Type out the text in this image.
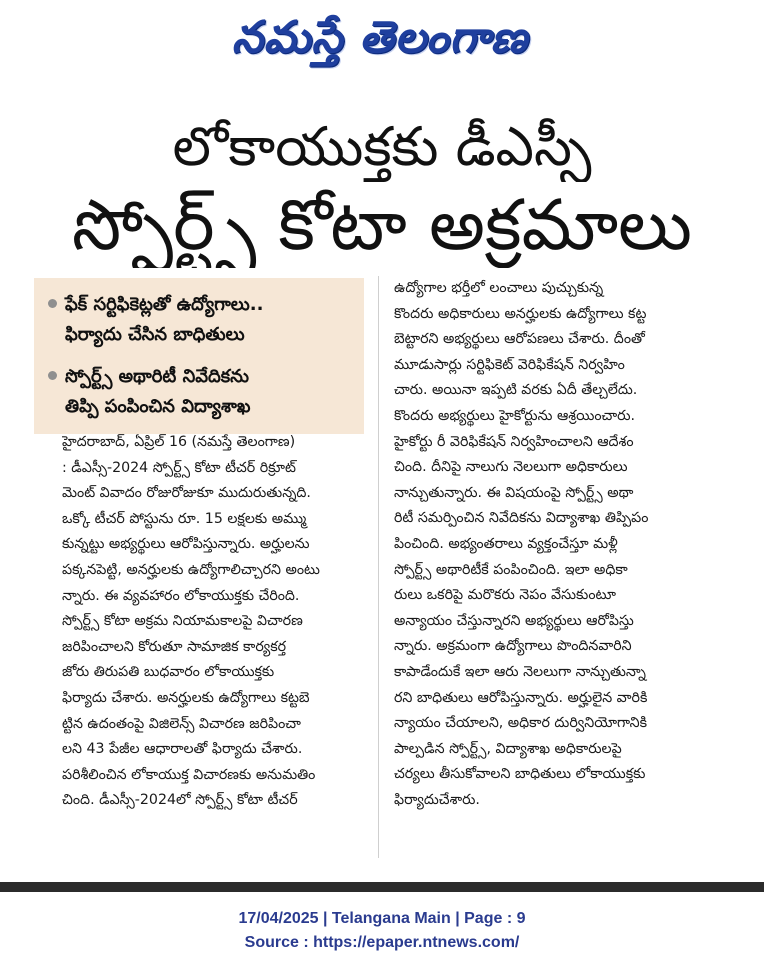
నమస్తే తెలంగాణ
లోకాయుక్తకు డీఎస్సీ
స్పోర్ట్స్ కోటా అక్రమాలు
ఫేక్ సర్టిఫికెట్లతో ఉద్యోగాలు..
ఫిర్యాదు చేసిన బాధితులు
స్పోర్ట్స్ అథారిటీ నివేదికను
తిప్పి పంపించిన విద్యాశాఖ
హైదరాబాద్, ఏప్రిల్ 16 (నమస్తే తెలంగాణ)
: డీఎస్సీ-2024 స్పోర్ట్స్ కోటా టీచర్ రిక్రూట్
మెంట్ వివాదం రోజురోజుకూ ముదురుతున్నది.
ఒక్కో టీచర్ పోస్టును రూ. 15 లక్షలకు అమ్ము
కున్నట్టు అభ్యర్థులు ఆరోపిస్తున్నారు. అర్హులను
పక్కనపెట్టి, అనర్హులకు ఉద్యోగాలిచ్చారని అంటు
న్నారు. ఈ వ్యవహారం లోకాయుక్తకు చేరింది.
స్పోర్ట్స్ కోటా అక్రమ నియామకాలపై విచారణ
జరిపించాలని కోరుతూ సామాజిక కార్యకర్త
జోరు తిరుపతి బుధవారం లోకాయుక్తకు
ఫిర్యాదు చేశారు. అనర్హులకు ఉద్యోగాలు కట్టబె
ట్టిన ఉదంతంపై విజిలెన్స్ విచారణ జరిపించా
లని 43 పేజీల ఆధారాలతో ఫిర్యాదు చేశారు.
పరిశీలించిన లోకాయుక్త విచారణకు అనుమతిం
చింది. డీఎస్సీ-2024లో స్పోర్ట్స్ కోటా టీచర్
ఉద్యోగాల భర్తీలో లంచాలు పుచ్చుకున్న
కొందరు అధికారులు అనర్హులకు ఉద్యోగాలు కట్ట
బెట్టారని అభ్యర్థులు ఆరోపణలు చేశారు. దీంతో
మూడుసార్లు సర్టిఫికెట్ వెరిఫికేషన్ నిర్వహిం
చారు. అయినా ఇప్పటి వరకు ఏదీ తేల్చలేదు.
కొందరు అభ్యర్థులు హైకోర్టును ఆశ్రయించారు.
హైకోర్టు రీ వెరిఫికేషన్ నిర్వహించాలని ఆదేశం
చింది. దీనిపై నాలుగు నెలలుగా అధికారులు
నాన్చుతున్నారు. ఈ విషయంపై స్పోర్ట్స్ అథా
రిటీ సమర్పించిన నివేదికను విద్యాశాఖ తిప్పిపం
పించింది. అభ్యంతరాలు వ్యక్తంచేస్తూ మళ్లీ
స్పోర్ట్స్ అథారిటీకే పంపించింది. ఇలా అధికా
రులు ఒకరిపై మరొకరు నెపం వేసుకుంటూ
అన్యాయం చేస్తున్నారని అభ్యర్థులు ఆరోపిస్తు
న్నారు. అక్రమంగా ఉద్యోగాలు పొందినవారిని
కాపాడేందుకే ఇలా ఆరు నెలలుగా నాన్చుతున్నా
రని బాధితులు ఆరోపిస్తున్నారు. అర్హులైన వారికి
న్యాయం చేయాలని, అధికార దుర్వినియోగానికి
పాల్పడిన స్పోర్ట్స్, విద్యాశాఖ అధికారులపై
చర్యలు తీసుకోవాలని బాధితులు లోకాయుక్తకు
ఫిర్యాదుచేశారు.
17/04/2025 | Telangana Main | Page : 9
Source : https://epaper.ntnews.com/
